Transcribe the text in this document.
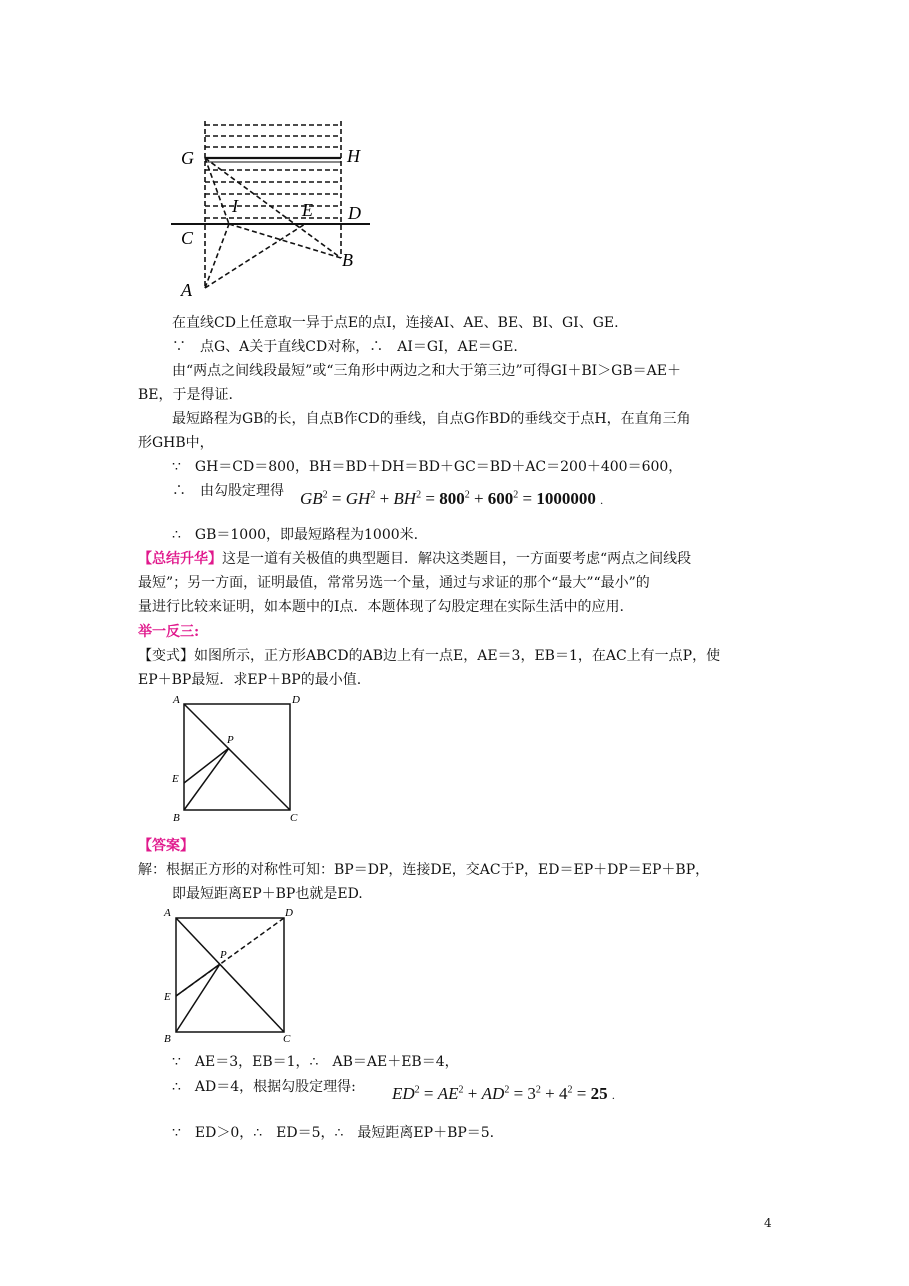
G	H
I	E D
C
B
A
在直线CD上任意取一异于点E的点I，连接AI、AE、BE、BI、GI、GE.
∵　点G、A关于直线CD对称，∴　AI＝GI，AE＝GE.
由“两点之间线段最短”或“三角形中两边之和大于第三边”可得GI＋BI＞GB＝AE＋
BE，于是得证.
最短路程为GB的长，自点B作CD的垂线，自点G作BD的垂线交于点H，在直角三角
形GHB中，
∵　GH＝CD＝800，BH＝BD＋DH＝BD＋GC＝BD＋AC＝200＋400＝600，
∴　由勾股定理得 $GB^2 = GH^2 + BH^2 = 800^2 + 600^2 = 1000000$ .
∴　GB＝1000，即最短路程为1000米.
【总结升华】这是一道有关极值的典型题目．解决这类题目，一方面要考虑“两点之间线段
最短”；另一方面，证明最值，常常另选一个量，通过与求证的那个“最大”“最小”的
量进行比较来证明，如本题中的I点．本题体现了勾股定理在实际生活中的应用.
举一反三:
【变式】如图所示，正方形ABCD的AB边上有一点E，AE＝3，EB＝1，在AC上有一点P，使
EP＋BP最短．求EP＋BP的最小值.
A	D
P
E
B	C
【答案】
解：根据正方形的对称性可知：BP＝DP，连接DE，交AC于P，ED＝EP＋DP＝EP＋BP，
即最短距离EP＋BP也就是ED.
A	D
P
E
B	C
∵　AE＝3，EB＝1，∴　AB＝AE＋EB＝4，
∴　AD＝4，根据勾股定理得: $ED^2 = AE^2 + AD^2 = 3^2 + 4^2 = 25$ .
∵　ED＞0，∴　ED＝5，∴　最短距离EP＋BP＝5.
4
